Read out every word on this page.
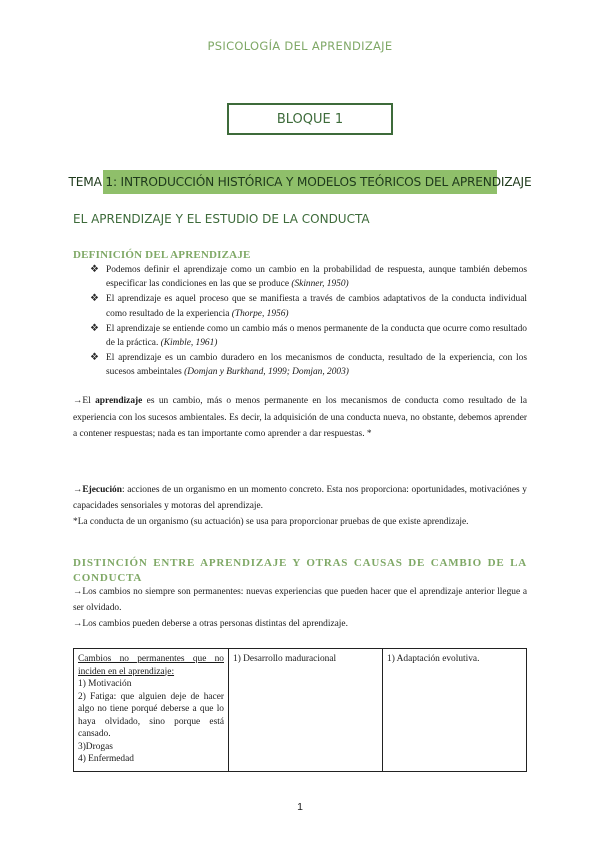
PSICOLOGÍA DEL APRENDIZAJE
BLOQUE 1
TEMA 1: INTRODUCCIÓN HISTÓRICA Y MODELOS TEÓRICOS DEL APRENDIZAJE
EL APRENDIZAJE Y EL ESTUDIO DE LA CONDUCTA
DEFINICIÓN DEL APRENDIZAJE
❖ Podemos definir el aprendizaje como un cambio en la probabilidad de respuesta, aunque también debemos especificar las condiciones en las que se produce (Skinner, 1950)
❖ El aprendizaje es aquel proceso que se manifiesta a través de cambios adaptativos de la conducta individual como resultado de la experiencia (Thorpe, 1956)
❖ El aprendizaje se entiende como un cambio más o menos permanente de la conducta que ocurre como resultado de la práctica. (Kimble, 1961)
❖ El aprendizaje es un cambio duradero en los mecanismos de conducta, resultado de la experiencia, con los sucesos ambeintales (Domjan y Burkhand, 1999; Domjan, 2003)
→El aprendizaje es un cambio, más o menos permanente en los mecanismos de conducta como resultado de la experiencia con los sucesos ambientales. Es decir, la adquisición de una conducta nueva, no obstante, debemos aprender a contener respuestas; nada es tan importante como aprender a dar respuestas. *
→Ejecución: acciones de un organismo en un momento concreto. Esta nos proporciona: oportunidades, motivaciónes y capacidades sensoriales y motoras del aprendizaje.
*La conducta de un organismo (su actuación) se usa para proporcionar pruebas de que existe aprendizaje.
DISTINCIÓN ENTRE APRENDIZAJE Y OTRAS CAUSAS DE CAMBIO DE LA CONDUCTA
→Los cambios no siempre son permanentes: nuevas experiencias que pueden hacer que el aprendizaje anterior llegue a ser olvidado.
→Los cambios pueden deberse a otras personas distintas del aprendizaje.
Cambios no permanentes que no inciden en el aprendizaje:
1) Motivación
2) Fatiga: que alguien deje de hacer algo no tiene porqué deberse a que lo haya olvidado, sino porque está cansado.
3)Drogas
4) Enfermedad	1) Desarrollo maduracional	1) Adaptación evolutiva.
1
